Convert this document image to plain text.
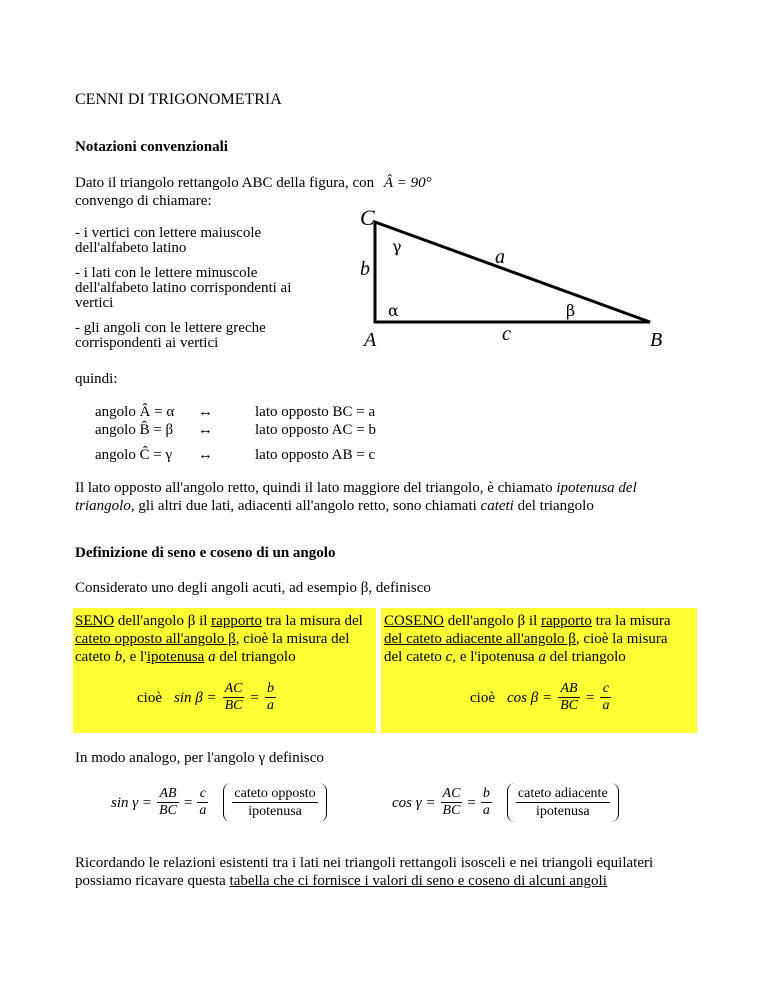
CENNI DI TRIGONOMETRIA
Notazioni convenzionali
Dato il triangolo rettangolo ABC della figura, con Â = 90°
convengo di chiamare:
- i vertici con lettere maiuscole
dell'alfabeto latino
- i lati con le lettere minuscole
dell'alfabeto latino corrispondenti ai
vertici
- gli angoli con le lettere greche
corrispondenti ai vertici
C
b
A
γ	a
α	β
c	B
quindi:
angolo Â = α ↔	lato opposto BC = a
angolo B̂ = β ↔	lato opposto AC = b
angolo Ĉ = γ ↔	lato opposto AB = c
Il lato opposto all'angolo retto, quindi il lato maggiore del triangolo, è chiamato ipotenusa del
triangolo, gli altri due lati, adiacenti all'angolo retto, sono chiamati cateti del triangolo
Definizione di seno e coseno di un angolo
Considerato uno degli angoli acuti, ad esempio β, definisco
SENO dell'angolo β il rapporto tra la misura del
cateto opposto all'angolo β, cioè la misura del
cateto b, e l'ipotenusa a del triangolo
cioè $\sin \beta = \frac{AC}{BC} = \frac{b}{a}$
COSENO dell'angolo β il rapporto tra la misura
del cateto adiacente all'angolo β, cioè la misura
del cateto c, e l'ipotenusa a del triangolo
cioè $\cos \beta = \frac{AB}{BC} = \frac{c}{a}$
In modo analogo, per l'angolo γ definisco
$\sin \gamma = \frac{AB}{BC} = \frac{c}{a} \frac{\text{cateto opposto}}{\text{ipotenusa}}$	$\cos \gamma = \frac{AC}{BC} = \frac{b}{a} \frac{\text{cateto adiacente}}{\text{ipotenusa}}$
Ricordando le relazioni esistenti tra i lati nei triangoli rettangoli isosceli e nei triangoli equilateri
possiamo ricavare questa tabella che ci fornisce i valori di seno e coseno di alcuni angoli
